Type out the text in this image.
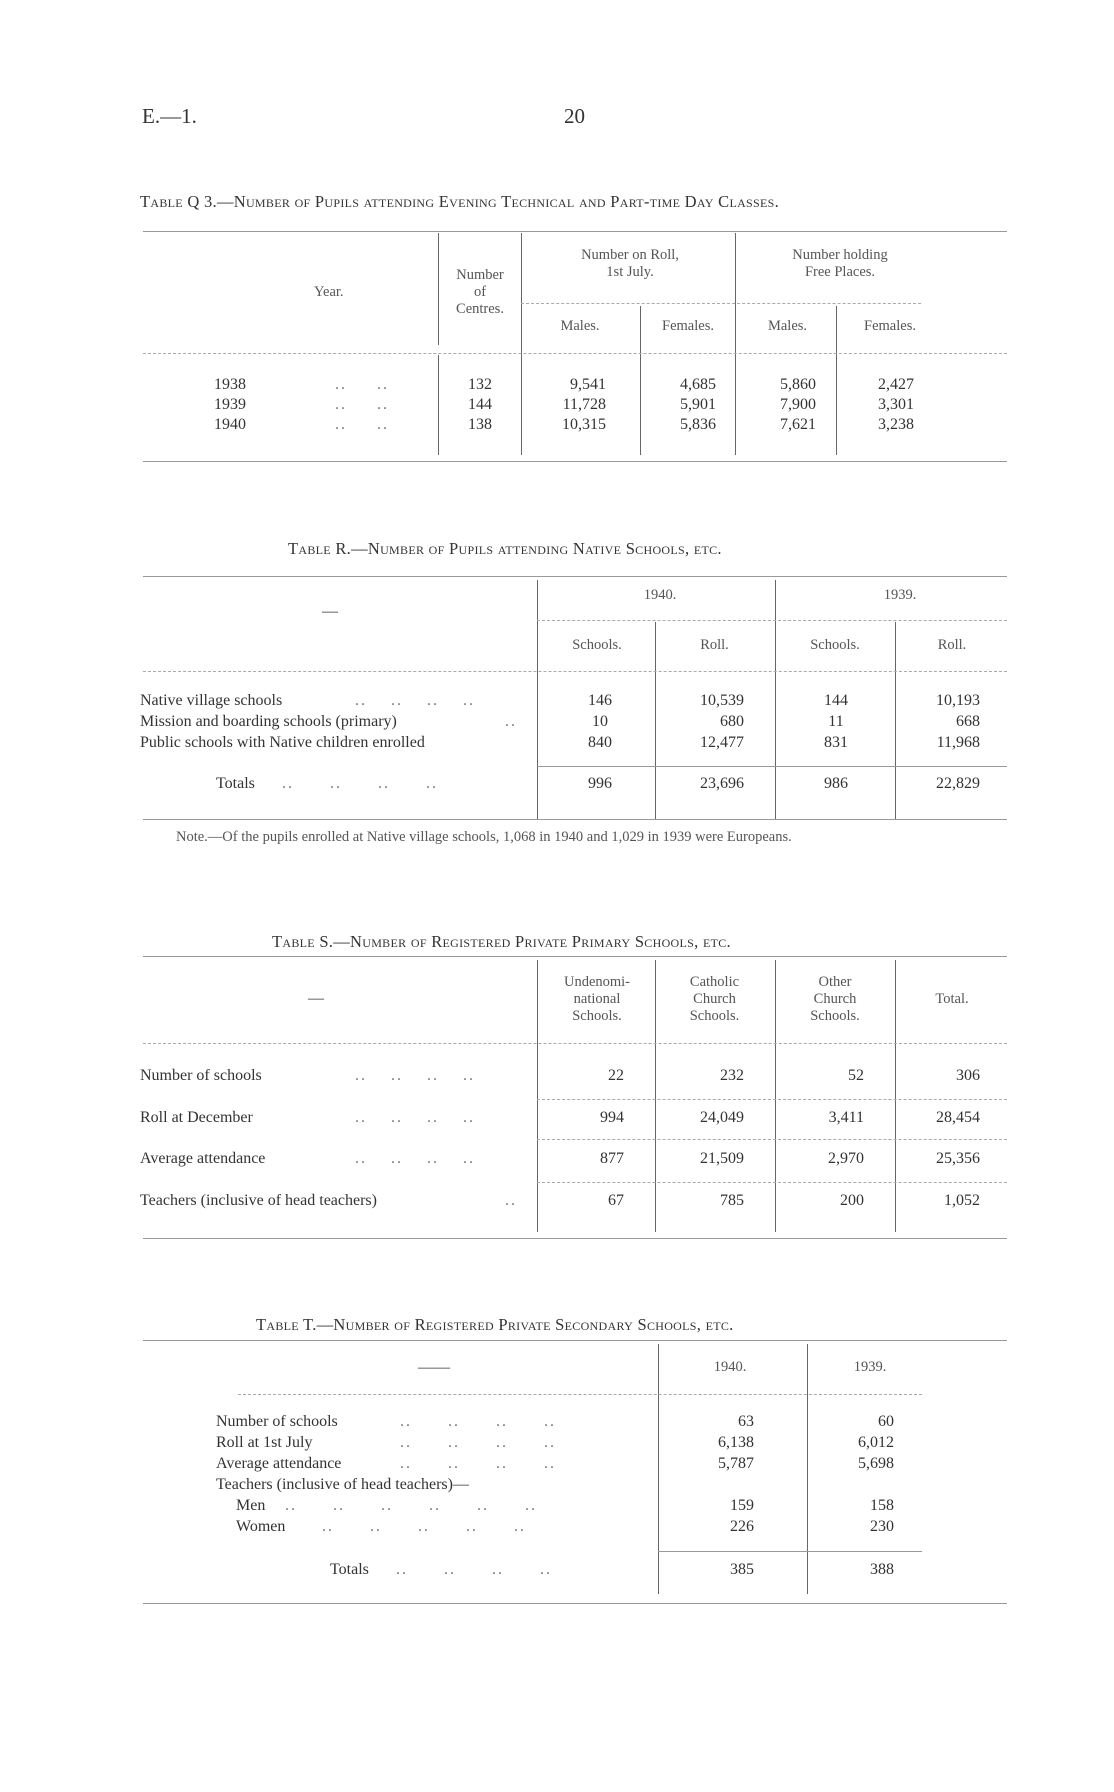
E.—1.	20
Table Q 3.—Number of Pupils attending Evening Technical and Part-time Day Classes.
Year.
Number
of
Centres.
Number on Roll,
1st July.
Number holding
Free Places.
Males.	Females.	Males.	Females.
1938	..     ..	132	9,541	4,685	5,860	2,427
1939	..     ..	144	11,728	5,901	7,900	3,301
1940	..     ..	138	10,315	5,836	7,621	3,238
Table R.—Number of Pupils attending Native Schools, etc.
—
1940.	1939.
Schools.	Roll.	Schools.	Roll.
Native village schools	..    ..    ..    ..	146	10,539	144	10,193
Mission and boarding schools (primary)	..	10	680	11	668
Public schools with Native children enrolled	840	12,477	831	11,968
Totals ..      ..      ..      ..	996	23,696	986	22,829
Note.—Of the pupils enrolled at Native village schools, 1,068 in 1940 and 1,029 in 1939 were Europeans.
Table S.—Number of Registered Private Primary Schools, etc.
—
Undenomi-
national
Schools.
Catholic
Church
Schools.
Other
Church
Schools.
Total.
Number of schools	..    ..    ..    ..	22	232	52	306
Roll at December	..    ..    ..    ..	994	24,049	3,411	28,454
Average attendance	..    ..    ..    ..	877	21,509	2,970	25,356
Teachers (inclusive of head teachers)	..	67	785	200	1,052
Table T.—Number of Registered Private Secondary Schools, etc.
——	1940.	1939.
Number of schools	..      ..      ..      ..	63	60
Roll at 1st July	..      ..      ..      ..	6,138	6,012
Average attendance	..      ..      ..      ..	5,787	5,698
Teachers (inclusive of head teachers)—
Men ..      ..      ..      ..      ..      ..	159	158
Women ..      ..      ..      ..      ..	226	230
Totals ..      ..      ..      ..	385	388
